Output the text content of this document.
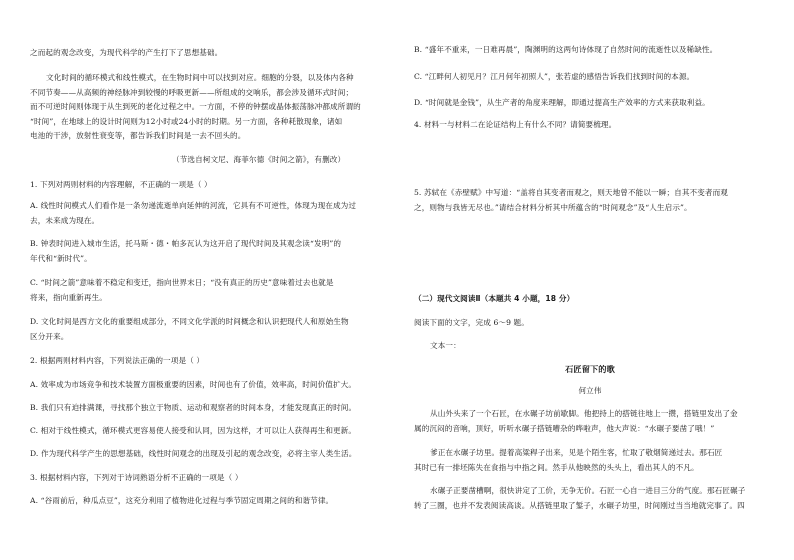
之而起的观念改变，为现代科学的产生打下了思想基础。
文化时间的循环模式和线性模式，在生物时间中可以找到对应。细胞的分裂，以及体内各种
不同节奏——从高频的神经脉冲到较慢的呼吸更新——所组成的交响乐，都会涉及循环式时间；
而不可逆时间则体现于从生到死的老化过程之中。一方面，不停的钟摆或晶体振荡脉冲都成所谓的
“时间”，在地球上的设计时间则为12小时或24小时的时期。另一方面，各种耗散现象，诸如
电池的干涉，放射性衰变等，都告诉我们时间是一去不回头的。
（节选自柯文尼、海菲尔德《时间之箭》，有删改）
1. 下列对两则材料的内容理解，不正确的一项是（ ）
A. 线性时间模式人们看作是一条勿递流逝单向延伸的河流，它具有不可逆性，体现为现在成为过
去，未来成为现在。
B. 钟表时间进入城市生活，托马斯・德・帕多瓦认为这开启了现代时间及其观念读“发明”的
年代和“新时代”。
C. “时间之箭”意味着不稳定和变迁，指向世界末日；“没有真正的历史”意味着过去也就是
将来，指向重新再生。
D. 文化时间是西方文化的重要组成部分，不同文化学派的时间概念和认识把现代人和原始生物
区分开来。
2. 根据两则材料内容，下列说法正确的一项是（ ）
A. 效率成为市场竞争和技术装置方面极重要的因素，时间也有了价值，效率高，时间价值扩大。
B. 我们只有迫排满课，寻找那个独立于物质、运动和观察者的时间本身，才能发现真正的时间。
C. 相对于线性模式，循环模式更容易使人接受和认同，因为这样，才可以让人获得再生和更新。
D. 作为现代科学产生的思想基础，线性时间观念的出现及引起的观念改变，必将主宰人类生活。
3. 根据材料内容，下列对于诗词熟语分析不正确的一项是（ ）
A. “谷雨前后，种瓜点豆”，这充分利用了植物进化过程与季节固定周期之间的和谐节律。
B. “盛年不重来，一日难再晨”，陶渊明的这两句诗体现了自然时间的流逝性以及稀缺性。
C. “江畔何人初见月？江月何年初照人”，张若虚的感悟告诉我们找到时间的本源。
D. “时间就是金钱”，从生产者的角度来理解，即通过提高生产效率的方式来获取利益。
4. 材料一与材料二在论证结构上有什么不同？请简要梳理。
5. 苏轼在《赤壁赋》中写道：“盖将自其变者而观之，则天地曾不能以一瞬；自其不变者而观
之，则物与我皆无尽也。”请结合材料分析其中所蕴含的“时间观念”及“人生启示”。
（二）现代文阅读Ⅱ（本题共 4 小题，18 分）
阅读下面的文字，完成 6～9 题。
文本一：
石匠留下的歌
何立伟
从山外头来了一个石匠，在水碾子坊前歇脚。他把持上的搭链往地上一攒，搭链里发出了金
属的沉闷的音响，顶好，听听水碾子搭链嘈杂的哗啦声，他大声说：“水碾子要凿了哦！”
爹正在水碾子坊里。提着高粱稈子出来，见是个陌生客，忙取了敬烟简递过去。那石匠
其时已有一排坯陈失在食指与中指之间。然手从他映然的头头上，看出其人的不凡。
水碾子正要凿槽啊，很快讲定了工价，无争无价。石匠一心自一进目三分的气度。那石匠碾子
转了三圈，也并不发表阅读高谈。从搭链里取了錾子，水碾子坊里，时间刚过当当地就完事了。四
